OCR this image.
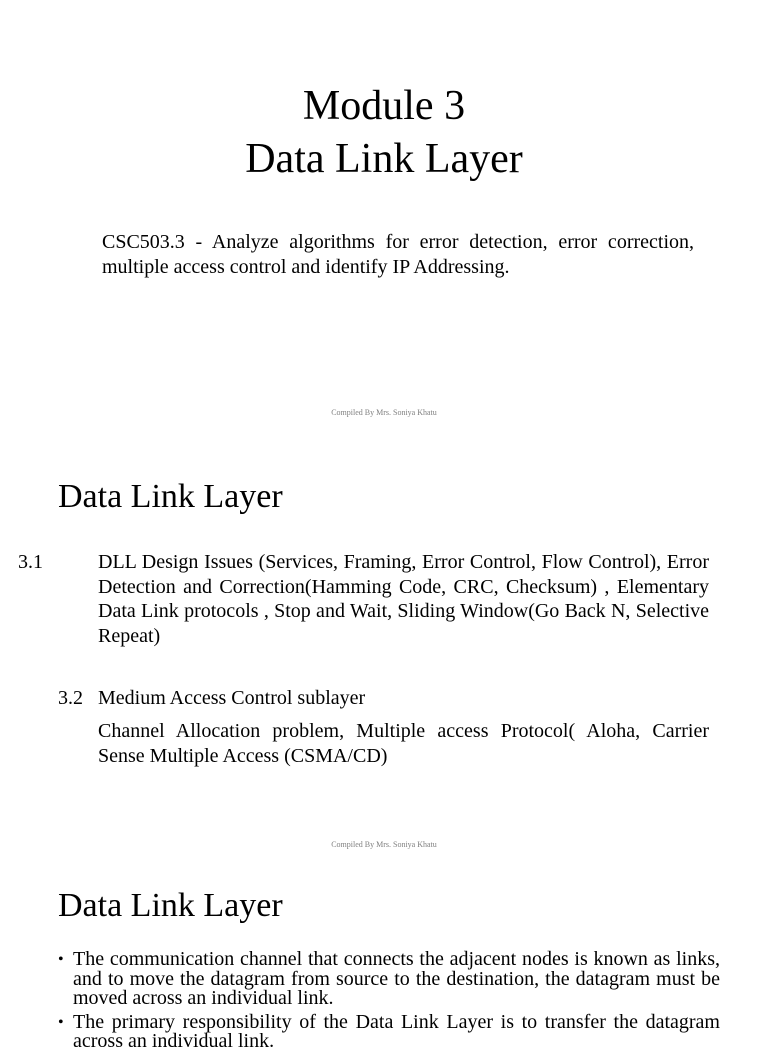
Module 3
Data Link Layer
CSC503.3 - Analyze algorithms for error detection, error correction, multiple access control and identify IP Addressing.
Compiled By Mrs. Soniya Khatu
Data Link Layer
3.1	DLL Design Issues (Services, Framing, Error Control, Flow Control), Error Detection and Correction(Hamming Code, CRC, Checksum) , Elementary Data Link protocols , Stop and Wait, Sliding Window(Go Back N, Selective Repeat)
3.2 Medium Access Control sublayer
Channel Allocation problem, Multiple access Protocol( Aloha, Carrier Sense Multiple Access (CSMA/CD)
Compiled By Mrs. Soniya Khatu
Data Link Layer
• The communication channel that connects the adjacent nodes is known as links, and to move the datagram from source to the destination, the datagram must be moved across an individual link.
• The primary responsibility of the Data Link Layer is to transfer the datagram across an individual link.
